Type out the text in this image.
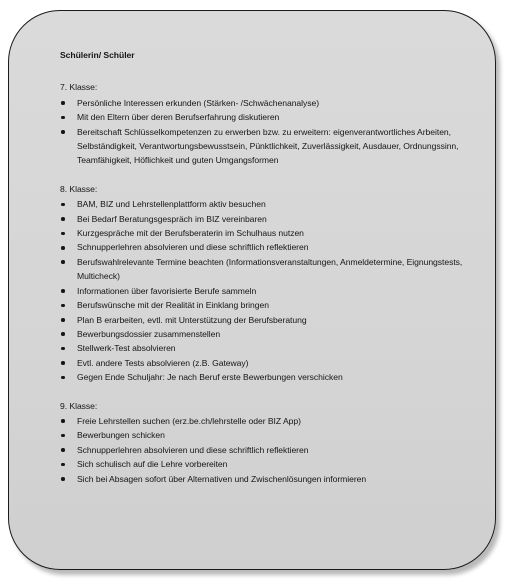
Schülerin/ Schüler
7. Klasse:
Persönliche Interessen erkunden (Stärken- /Schwächenanalyse)
Mit den Eltern über deren Berufserfahrung diskutieren
Bereitschaft Schlüsselkompetenzen zu erwerben bzw. zu erweitern: eigenverantwortliches Arbeiten, Selbständigkeit, Verantwortungsbewusstsein, Pünktlichkeit, Zuverlässigkeit, Ausdauer, Ordnungssinn, Teamfähigkeit, Höflichkeit und guten Umgangsformen
8. Klasse:
BAM, BIZ und Lehrstellenplattform aktiv besuchen
Bei Bedarf Beratungsgespräch im BIZ vereinbaren
Kurzgespräche mit der Berufsberaterin im Schulhaus nutzen
Schnupperlehren absolvieren und diese schriftlich reflektieren
Berufswahlrelevante Termine beachten (Informationsveranstaltungen, Anmeldetermine, Eignungstests, Multicheck)
Informationen über favorisierte Berufe sammeln
Berufswünsche mit der Realität in Einklang bringen
Plan B erarbeiten, evtl. mit Unterstützung der Berufsberatung
Bewerbungsdossier zusammenstellen
Stellwerk-Test absolvieren
Evtl. andere Tests absolvieren (z.B. Gateway)
Gegen Ende Schuljahr: Je nach Beruf erste Bewerbungen verschicken
9. Klasse:
Freie Lehrstellen suchen (erz.be.ch/lehrstelle oder BIZ App)
Bewerbungen schicken
Schnupperlehren absolvieren und diese schriftlich reflektieren
Sich schulisch auf die Lehre vorbereiten
Sich bei Absagen sofort über Alternativen und Zwischenlösungen informieren
